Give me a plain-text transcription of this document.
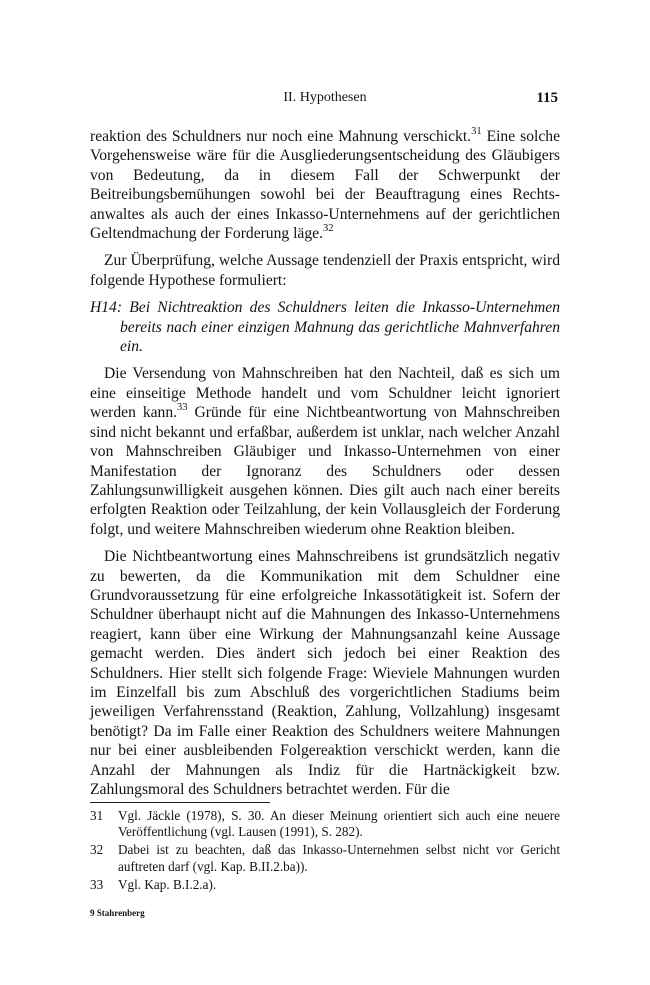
II. Hypothesen	115

reaktion des Schuldners nur noch eine Mahnung verschickt.$^{31}$ Eine solche Vorgehensweise wäre für die Ausgliederungsentscheidung des Gläubigers von Bedeutung, da in diesem Fall der Schwerpunkt der Beitreibungsbemühungen sowohl bei der Beauftragung eines Rechtsanwaltes als auch der eines Inkasso-Unternehmens auf der gerichtlichen Geltendmachung der Forderung läge.$^{32}$

Zur Überprüfung, welche Aussage tendenziell der Praxis entspricht, wird folgende Hypothese formuliert:

H14: Bei Nichtreaktion des Schuldners leiten die Inkasso-Unternehmen bereits nach einer einzigen Mahnung das gerichtliche Mahnverfahren ein.

Die Versendung von Mahnschreiben hat den Nachteil, daß es sich um eine einseitige Methode handelt und vom Schuldner leicht ignoriert werden kann.$^{33}$ Gründe für eine Nichtbeantwortung von Mahnschreiben sind nicht bekannt und erfaßbar, außerdem ist unklar, nach welcher Anzahl von Mahnschreiben Gläubiger und Inkasso-Unternehmen von einer Manifestation der Ignoranz des Schuldners oder dessen Zahlungsunwilligkeit ausgehen können. Dies gilt auch nach einer bereits erfolgten Reaktion oder Teilzahlung, der kein Vollausgleich der Forderung folgt, und weitere Mahnschreiben wiederum ohne Reaktion bleiben.

Die Nichtbeantwortung eines Mahnschreibens ist grundsätzlich negativ zu bewerten, da die Kommunikation mit dem Schuldner eine Grundvoraussetzung für eine erfolgreiche Inkassotätigkeit ist. Sofern der Schuldner überhaupt nicht auf die Mahnungen des Inkasso-Unternehmens reagiert, kann über eine Wirkung der Mahnungsanzahl keine Aussage gemacht werden. Dies ändert sich jedoch bei einer Reaktion des Schuldners. Hier stellt sich folgende Frage: Wieviele Mahnungen wurden im Einzelfall bis zum Abschluß des vorgerichtlichen Stadiums beim jeweiligen Verfahrensstand (Reaktion, Zahlung, Vollzahlung) insgesamt benötigt? Da im Falle einer Reaktion des Schuldners weitere Mahnungen nur bei einer ausbleibenden Folgereaktion verschickt werden, kann die Anzahl der Mahnungen als Indiz für die Hartnäckigkeit bzw. Zahlungsmoral des Schuldners betrachtet werden. Für die

31 Vgl. Jäckle (1978), S. 30. An dieser Meinung orientiert sich auch eine neuere Veröffentlichung (vgl. Lausen (1991), S. 282).
32 Dabei ist zu beachten, daß das Inkasso-Unternehmen selbst nicht vor Gericht auftreten darf (vgl. Kap. B.II.2.ba)).
33 Vgl. Kap. B.I.2.a).
9 Stahrenberg
